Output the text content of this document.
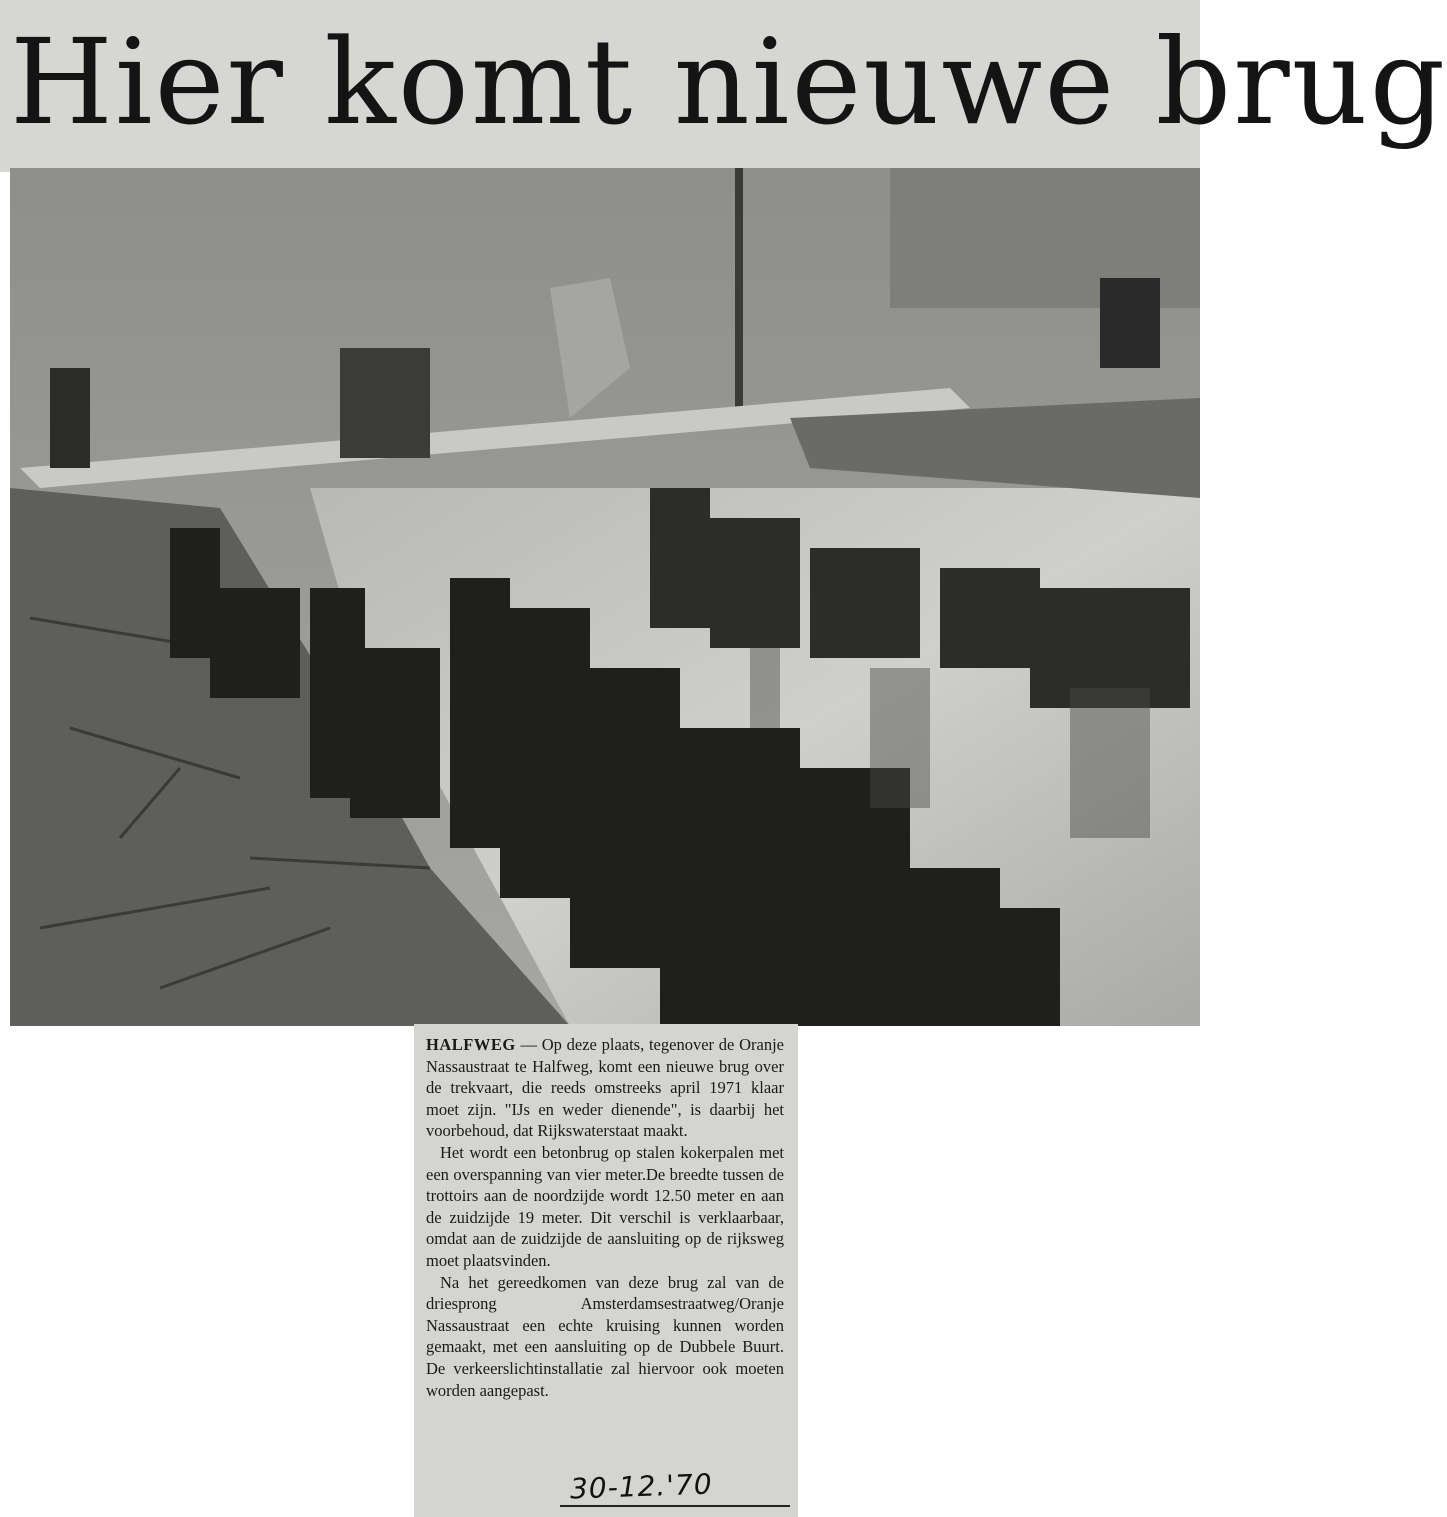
Hier komt nieuwe brug

HALFWEG — Op deze plaats, tegenover de Oranje Nassaustraat te Halfweg, komt een nieuwe brug over de trekvaart, die reeds omstreeks april 1971 klaar moet zijn. "IJs en weder dienende", is daarbij het voorbehoud, dat Rijkswaterstaat maakt.

Het wordt een betonbrug op stalen kokerpalen met een overspanning van vier meter.De breedte tussen de trottoirs aan de noordzijde wordt 12.50 meter en aan de zuidzijde 19 meter. Dit verschil is verklaarbaar, omdat aan de zuidzijde de aansluiting op de rijksweg moet plaatsvinden.

Na het gereedkomen van deze brug zal van de driesprong Amsterdamsestraatweg/Oranje Nassaustraat een echte kruising kunnen worden gemaakt, met een aansluiting op de Dubbele Buurt. De verkeerslichtinstallatie zal hiervoor ook moeten worden aangepast.

30-12.'70
